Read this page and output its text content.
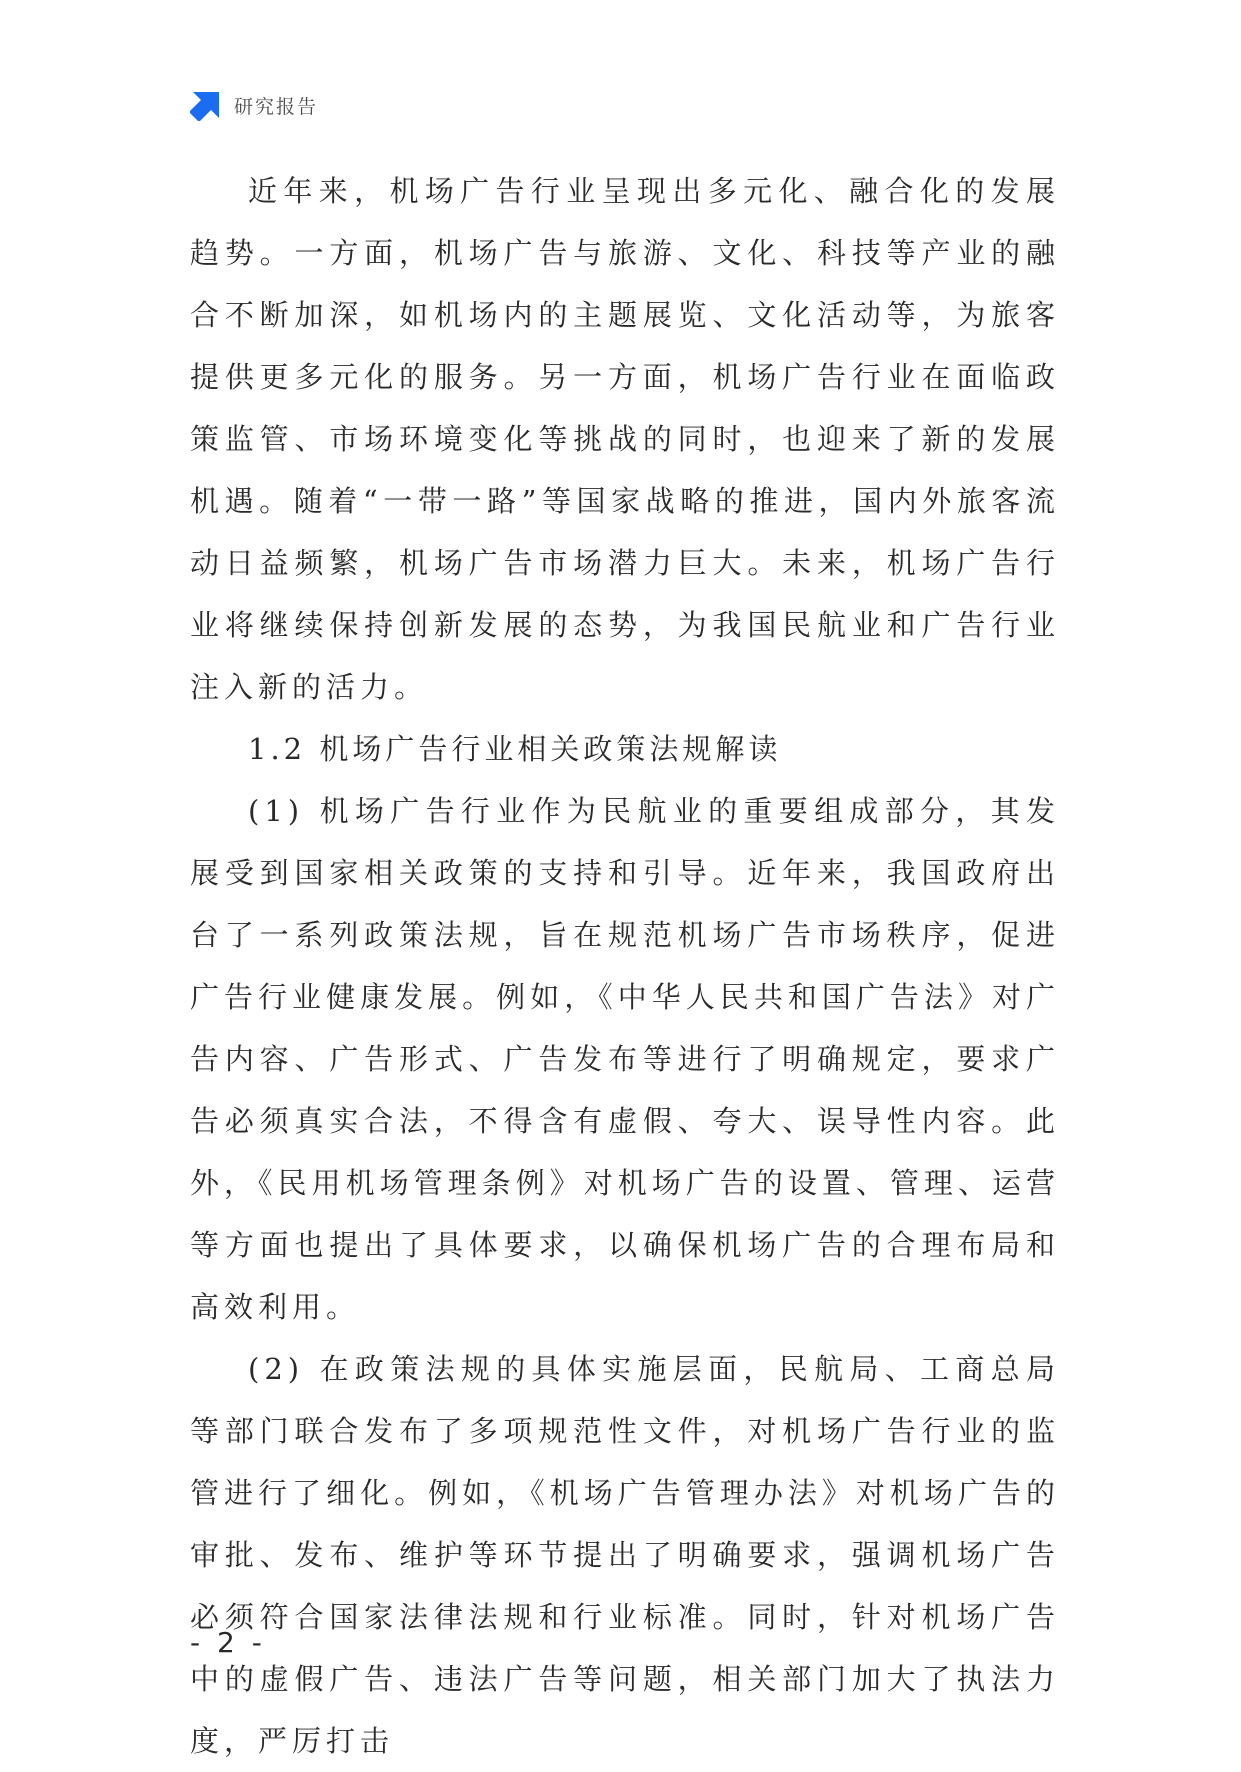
研究报告

近年来，机场广告行业呈现出多元化、融合化的发展趋势。一方面，机场广告与旅游、文化、科技等产业的融合不断加深，如机场内的主题展览、文化活动等，为旅客提供更多元化的服务。另一方面，机场广告行业在面临政策监管、市场环境变化等挑战的同时，也迎来了新的发展机遇。随着“一带一路”等国家战略的推进，国内外旅客流动日益频繁，机场广告市场潜力巨大。未来，机场广告行业将继续保持创新发展的态势，为我国民航业和广告行业注入新的活力。

1.2 机场广告行业相关政策法规解读

(1) 机场广告行业作为民航业的重要组成部分，其发展受到国家相关政策的支持和引导。近年来，我国政府出台了一系列政策法规，旨在规范机场广告市场秩序，促进广告行业健康发展。例如，《中华人民共和国广告法》对广告内容、广告形式、广告发布等进行了明确规定，要求广告必须真实合法，不得含有虚假、夸大、误导性内容。此外，《民用机场管理条例》对机场广告的设置、管理、运营等方面也提出了具体要求，以确保机场广告的合理布局和高效利用。

(2) 在政策法规的具体实施层面，民航局、工商总局等部门联合发布了多项规范性文件，对机场广告行业的监管进行了细化。例如，《机场广告管理办法》对机场广告的审批、发布、维护等环节提出了明确要求，强调机场广告必须符合国家法律法规和行业标准。同时，针对机场广告中的虚假广告、违法广告等问题，相关部门加大了执法力度，严厉打击

- 2 -
